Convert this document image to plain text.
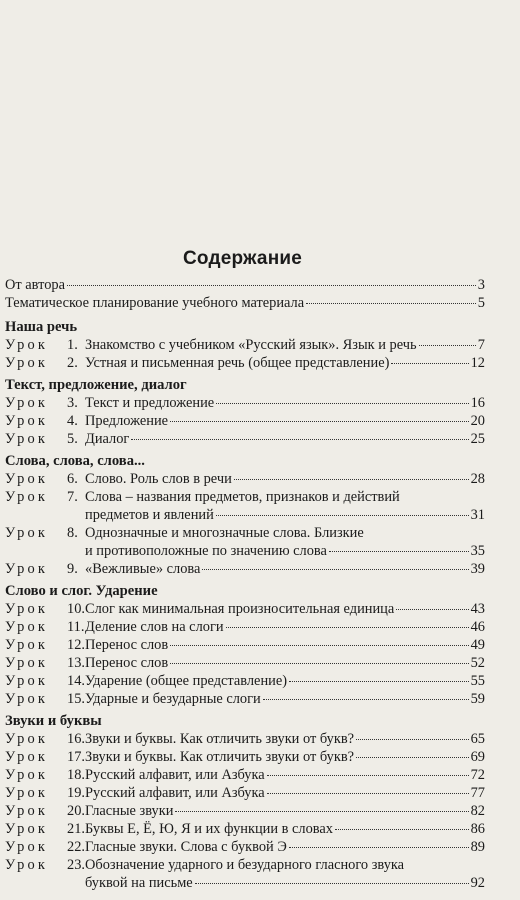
Содержание
От автора	3
Тематическое планирование учебного материала	5
Наша речь
Урок 1. Знакомство с учебником «Русский язык». Язык и речь	7
Урок 2. Устная и письменная речь (общее представление)	12
Текст, предложение, диалог
Урок 3. Текст и предложение	16
Урок 4. Предложение	20
Урок 5. Диалог	25
Слова, слова, слова...
Урок 6. Слово. Роль слов в речи	28
Урок 7. Слова – названия предметов, признаков и действий
предметов и явлений	31
Урок 8. Однозначные и многозначные слова. Близкие
и противоположные по значению слова	35
Урок 9. «Вежливые» слова	39
Слово и слог. Ударение
Урок 10. Слог как минимальная произносительная единица	43
Урок 11. Деление слов на слоги	46
Урок 12. Перенос слов	49
Урок 13. Перенос слов	52
Урок 14. Ударение (общее представление)	55
Урок 15. Ударные и безударные слоги	59
Звуки и буквы
Урок 16. Звуки и буквы. Как отличить звуки от букв?	65
Урок 17. Звуки и буквы. Как отличить звуки от букв?	69
Урок 18. Русский алфавит, или Азбука	72
Урок 19. Русский алфавит, или Азбука	77
Урок 20. Гласные звуки	82
Урок 21. Буквы Е, Ё, Ю, Я и их функции в словах	86
Урок 22. Гласные звуки. Слова с буквой Э	89
Урок 23. Обозначение ударного и безударного гласного звука
буквой на письме	92
